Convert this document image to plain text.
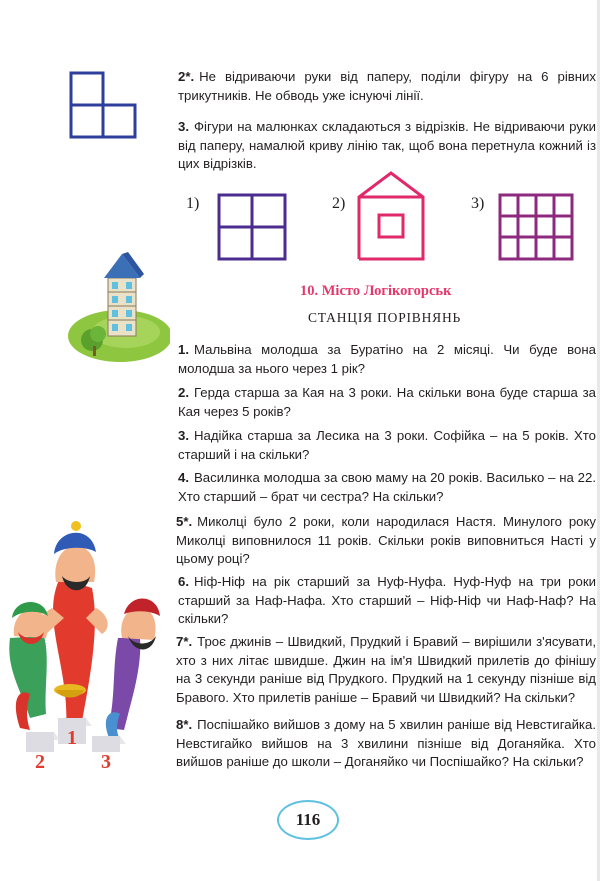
2*. Не відриваючи руки від паперу, поділи фігуру на 6 рівних трикутників. Не обводь уже існуючі лінії.
3. Фігури на малюнках складаються з відрізків. Не відриваючи руки від паперу, намалюй криву лінію так, щоб вона перетнула кожний із цих відрізків.
1)	2)	3)
10. Місто Логікогорськ
СТАНЦІЯ ПОРІВНЯНЬ
1. Мальвіна молодша за Буратіно на 2 місяці. Чи буде вона молодша за нього через 1 рік?
2. Герда старша за Кая на 3 роки. На скільки вона буде старша за Кая через 5 років?
3. Надійка старша за Лесика на 3 роки. Софійка – на 5 років. Хто старший і на скільки?
4. Василинка молодша за свою маму на 20 років. Василько – на 22. Хто старший – брат чи сестра? На скільки?
5*. Миколці було 2 роки, коли народилася Настя. Минулого року Миколці виповнилося 11 років. Скільки років виповниться Насті у цьому році?
6. Ніф-Ніф на рік старший за Нуф-Нуфа. Нуф-Нуф на три роки старший за Наф-Нафа. Хто старший – Ніф-Ніф чи Наф-Наф? На скільки?
7*. Троє джинів – Швидкий, Прудкий і Бравий – вирішили з'ясувати, хто з них літає швидше. Джин на ім'я Швидкий прилетів до фінішу на 3 секунди раніше від Прудкого. Прудкий на 1 секунду пізніше від Бравого. Хто прилетів раніше – Бравий чи Швидкий? На скільки?
8*. Поспішайко вийшов з дому на 5 хвилин раніше від Невстигайка. Невстигайко вийшов на 3 хвилини пізніше від Доганяйка. Хто вийшов раніше до школи – Доганяйко чи Поспішайко? На скільки?
2
1
3
116
